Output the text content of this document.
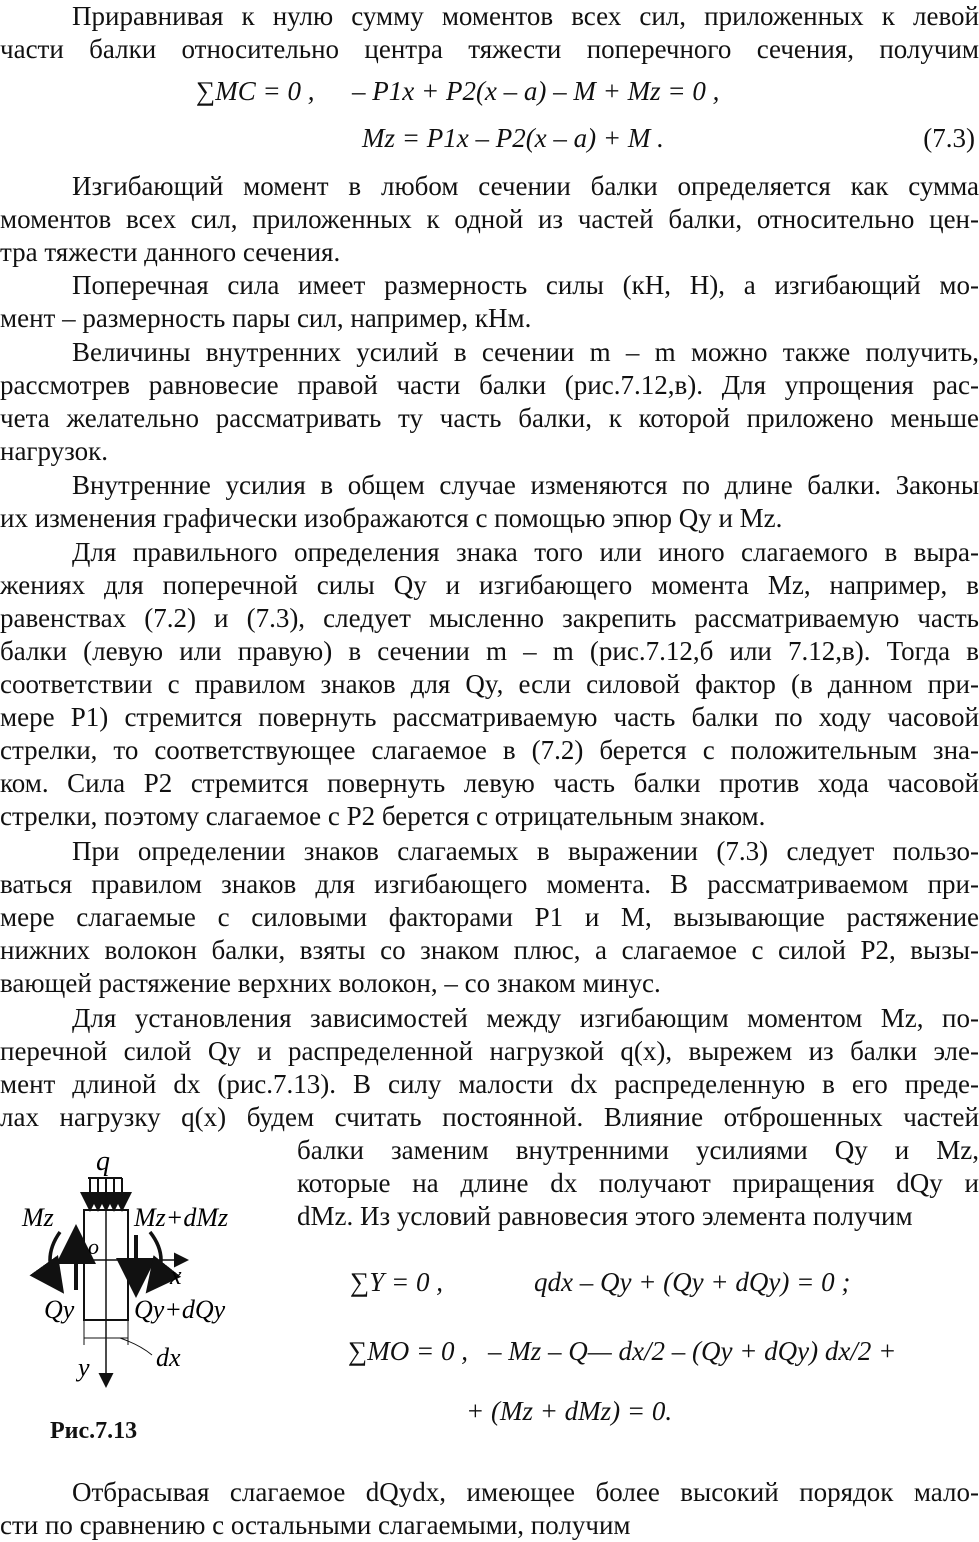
Приравнивая к нулю сумму моментов всех сил, приложенных к левой
части балки относительно центра тяжести поперечного сечения, получим
∑MC = 0 , – P1x + P2(x – a) – M + Mz = 0 ,
Mz = P1x – P2(x – a) + M .	(7.3)
Изгибающий момент в любом сечении балки определяется как сумма
моментов всех сил, приложенных к одной из частей балки, относительно цен-
тра тяжести данного сечения.
Поперечная сила имеет размерность силы (кН, Н), а изгибающий мо-
мент – размерность пары сил, например, кНм.
Величины внутренних усилий в сечении m – m можно также получить,
рассмотрев равновесие правой части балки (рис.7.12,в). Для упрощения рас-
чета желательно рассматривать ту часть балки, к которой приложено меньше
нагрузок.
Внутренние усилия в общем случае изменяются по длине балки. Законы
их изменения графически изображаются с помощью эпюр Qy и Mz.
Для правильного определения знака того или иного слагаемого в выра-
жениях для поперечной силы Qy и изгибающего момента Mz, например, в
равенствах (7.2) и (7.3), следует мысленно закрепить рассматриваемую часть
балки (левую или правую) в сечении m – m (рис.7.12,б или 7.12,в). Тогда в
соответствии с правилом знаков для Qy, если силовой фактор (в данном при-
мере P1) стремится повернуть рассматриваемую часть балки по ходу часовой
стрелки, то соответствующее слагаемое в (7.2) берется с положительным зна-
ком. Сила P2 стремится повернуть левую часть балки против хода часовой
стрелки, поэтому слагаемое с P2 берется с отрицательным знаком.
При определении знаков слагаемых в выражении (7.3) следует пользо-
ваться правилом знаков для изгибающего момента. В рассматриваемом при-
мере слагаемые с силовыми факторами P1 и M, вызывающие растяжение
нижних волокон балки, взяты со знаком плюс, а слагаемое с силой P2, вызы-
вающей растяжение верхних волокон, – со знаком минус.
Для установления зависимостей между изгибающим моментом Mz, по-
перечной силой Qy и распределенной нагрузкой q(x), вырежем из балки эле-
мент длиной dx (рис.7.13). В силу малости dx распределенную в его преде-
лах нагрузку q(x) будем считать постоянной. Влияние отброшенных частей
балки заменим внутренними усилиями Qy и Mz,
которые на длине dx получают приращения dQy и
dMz. Из условий равновесия этого элемента получим
∑Y = 0 ,	qdx – Qy + (Qy + dQy) = 0 ;
∑MO = 0 , – Mz – Q— dx/2 – (Qy + dQy) dx/2 +
+ (Mz + dMz) = 0.
q
Mz	Mz+dMz
o
x
Qy Qy+dQy
dx
y
Рис.7.13
Отбрасывая слагаемое dQydx, имеющее более высокий порядок мало-
сти по сравнению с остальными слагаемыми, получим
